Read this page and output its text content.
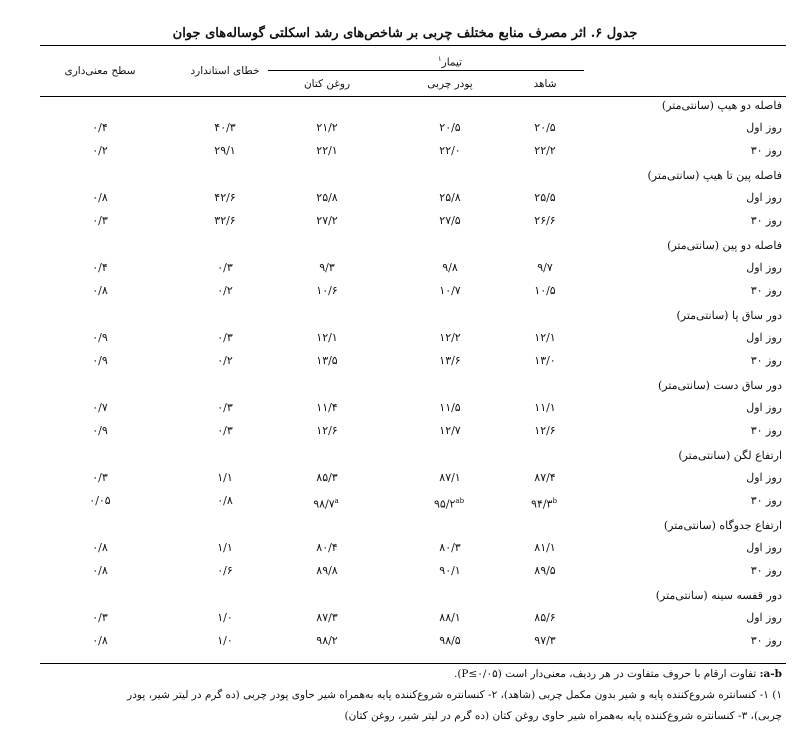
جدول ۶. اثر مصرف منابع مختلف چربی بر شاخص‌های رشد اسکلتی گوساله‌های جوان
تیمار$^۱$
خطای استاندارد
سطح معنی‌داری
شاهد
پودر چربی
روغن کتان
فاصله دو هیپ (سانتی‌متر)
روز اول
۲۰/۵
۲۰/۵
۲۱/۲
۴۰/۳
۰/۴
روز ۳۰
۲۲/۲
۲۲/۰
۲۲/۱
۲۹/۱
۰/۲
فاصله پین تا هیپ (سانتی‌متر)
روز اول
۲۵/۵
۲۵/۸
۲۵/۸
۴۲/۶
۰/۸
روز ۳۰
۲۶/۶
۲۷/۵
۲۷/۲
۳۲/۶
۰/۳
فاصله دو پین (سانتی‌متر)
روز اول
۹/۷
۹/۸
۹/۳
۰/۳
۰/۴
روز ۳۰
۱۰/۵
۱۰/۷
۱۰/۶
۰/۲
۰/۸
دور ساق پا (سانتی‌متر)
روز اول
۱۲/۱
۱۲/۲
۱۲/۱
۰/۳
۰/۹
روز ۳۰
۱۳/۰
۱۳/۶
۱۳/۵
۰/۲
۰/۹
دور ساق دست (سانتی‌متر)
روز اول
۱۱/۱
۱۱/۵
۱۱/۴
۰/۳
۰/۷
روز ۳۰
۱۲/۶
۱۲/۷
۱۲/۶
۰/۳
۰/۹
ارتفاع لگن (سانتی‌متر)
روز اول
۸۷/۴
۸۷/۱
۸۵/۳
۱/۱
۰/۳
روز ۳۰
۹۴/۳$^b$
$۹۵/۲^{ab}$
۹۸/۷$^a$
۰/۸
۰/۰۵
ارتفاع جدوگاه (سانتی‌متر)
روز اول
۸۱/۱
۸۰/۳
۸۰/۴
۱/۱
۰/۸
روز ۳۰
۸۹/۵
۹۰/۱
۸۹/۸
۰/۶
۰/۸
دور قفسه سینه (سانتی‌متر)
روز اول
۸۵/۶
۸۸/۱
۸۷/۳
۱/۰
۰/۳
روز ۳۰
۹۷/۳
۹۸/۵
۹۸/۲
۱/۰
۰/۸
a-b: تفاوت ارقام با حروف متفاوت در هر ردیف، معنی‌دار است (P≤۰/۰۵).
۱) ۱- کنسانتره شروع‌کننده پایه و شیر بدون مکمل چربی (شاهد)، ۲- کنسانتره شروع‌کننده پایه به‌همراه شیر حاوی پودر چربی (ده گرم در لیتر شیر، پودر
چربی)، ۳- کنسانتره شروع‌کننده پایه به‌همراه شیر حاوی روغن کتان (ده گرم در لیتر شیر، روغن کتان)
